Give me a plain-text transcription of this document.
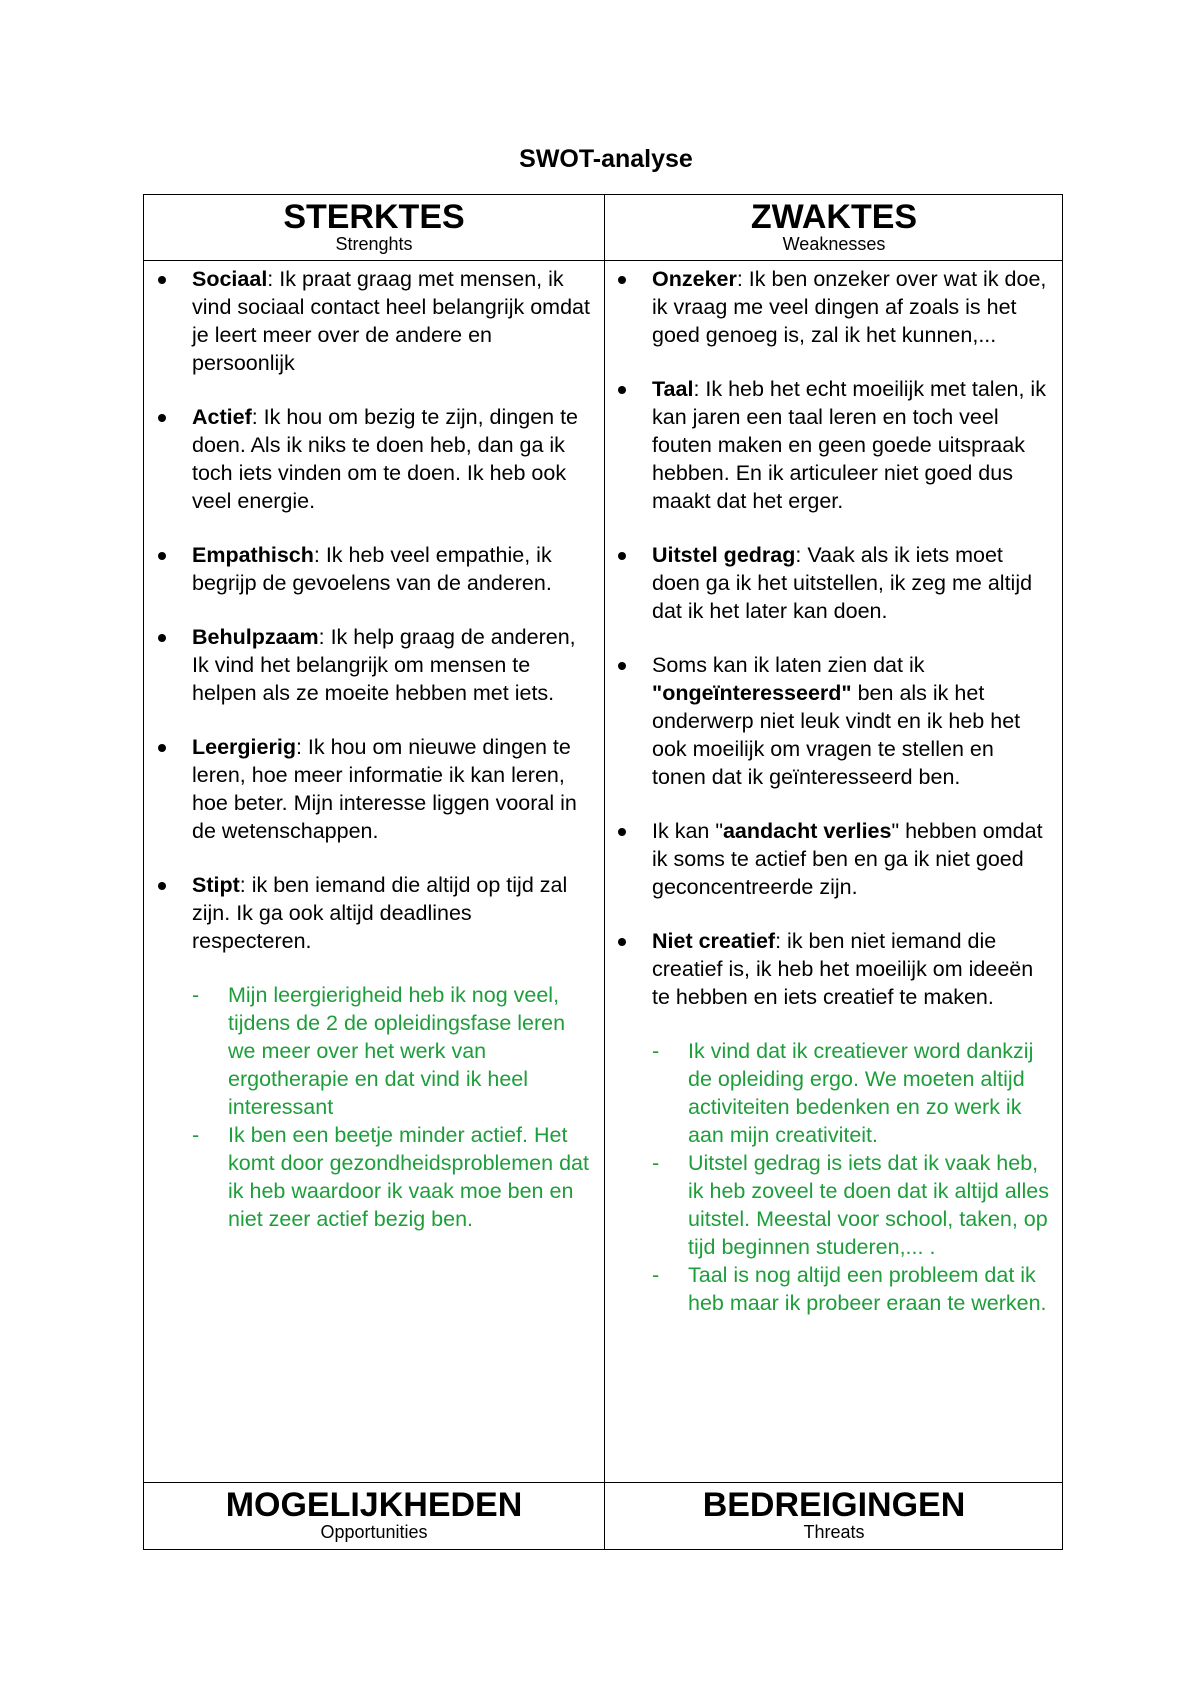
SWOT-analyse
STERKTES
Strenghts
ZWAKTES
Weaknesses
Sociaal: Ik praat graag met mensen, ik vind sociaal contact heel belangrijk omdat je leert meer over de andere en persoonlijk
Actief: Ik hou om bezig te zijn, dingen te doen. Als ik niks te doen heb, dan ga ik toch iets vinden om te doen. Ik heb ook veel energie.
Empathisch: Ik heb veel empathie, ik begrijp de gevoelens van de anderen.
Behulpzaam: Ik help graag de anderen, Ik vind het belangrijk om mensen te helpen als ze moeite hebben met iets.
Leergierig: Ik hou om nieuwe dingen te leren, hoe meer informatie ik kan leren, hoe beter. Mijn interesse liggen vooral in de wetenschappen.
Stipt: ik ben iemand die altijd op tijd zal zijn. Ik ga ook altijd deadlines respecteren.
- Mijn leergierigheid heb ik nog veel, tijdens de 2 de opleidingsfase leren we meer over het werk van ergotherapie en dat vind ik heel interessant
- Ik ben een beetje minder actief. Het komt door gezondheidsproblemen dat ik heb waardoor ik vaak moe ben en niet zeer actief bezig ben.
Onzeker: Ik ben onzeker over wat ik doe, ik vraag me veel dingen af zoals is het goed genoeg is, zal ik het kunnen,...
Taal: Ik heb het echt moeilijk met talen, ik kan jaren een taal leren en toch veel fouten maken en geen goede uitspraak hebben. En ik articuleer niet goed dus maakt dat het erger.
Uitstel gedrag: Vaak als ik iets moet doen ga ik het uitstellen, ik zeg me altijd dat ik het later kan doen.
Soms kan ik laten zien dat ik "ongeïnteresseerd" ben als ik het onderwerp niet leuk vindt en ik heb het ook moeilijk om vragen te stellen en tonen dat ik geïnteresseerd ben.
Ik kan "aandacht verlies" hebben omdat ik soms te actief ben en ga ik niet goed geconcentreerde zijn.
Niet creatief: ik ben niet iemand die creatief is, ik heb het moeilijk om ideeën te hebben en iets creatief te maken.
- Ik vind dat ik creatiever word dankzij de opleiding ergo. We moeten altijd activiteiten bedenken en zo werk ik aan mijn creativiteit.
- Uitstel gedrag is iets dat ik vaak heb, ik heb zoveel te doen dat ik altijd alles uitstel. Meestal voor school, taken, op tijd beginnen studeren,... .
- Taal is nog altijd een probleem dat ik heb maar ik probeer eraan te werken.
MOGELIJKHEDEN
Opportunities
BEDREIGINGEN
Threats
